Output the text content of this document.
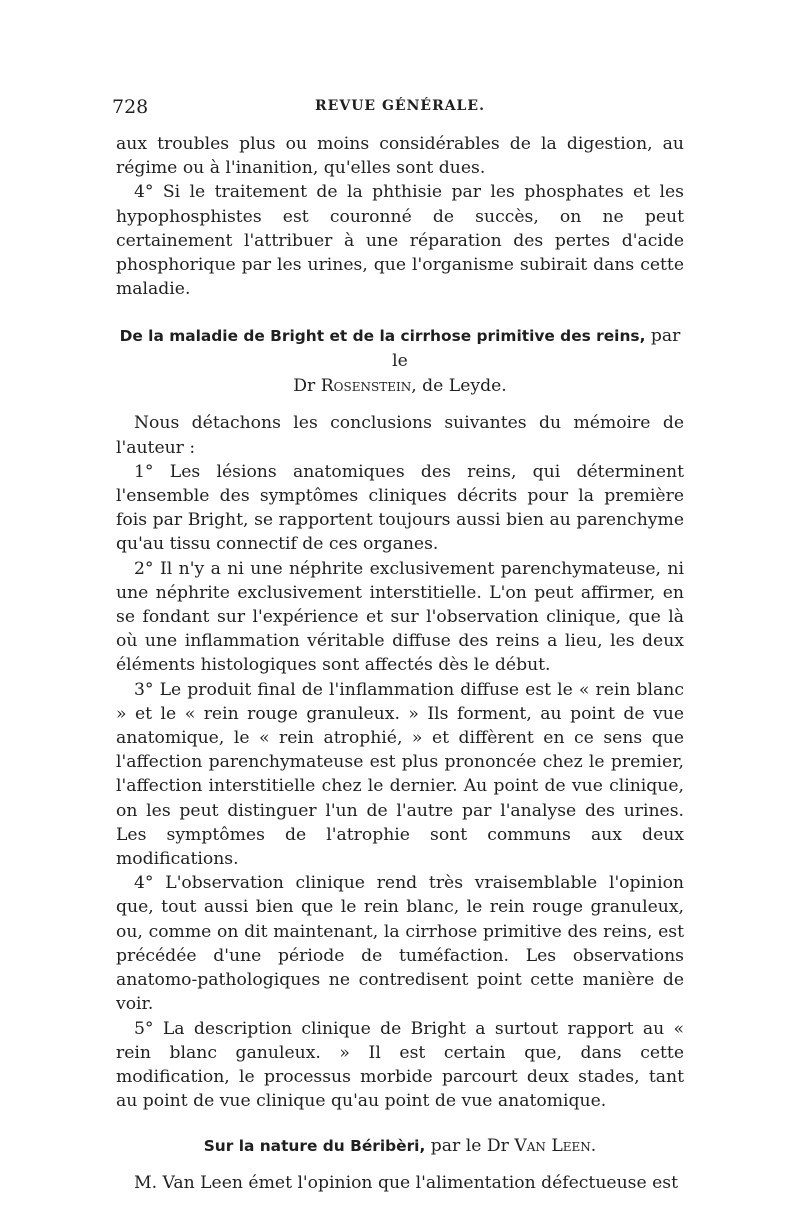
728	REVUE GÉNÉRALE.

aux troubles plus ou moins considérables de la digestion, au régime ou à l'inanition, qu'elles sont dues.

4° Si le traitement de la phthisie par les phosphates et les hypophosphistes est couronné de succès, on ne peut certainement l'attribuer à une réparation des pertes d'acide phosphorique par les urines, que l'organisme subirait dans cette maladie.

De la maladie de Bright et de la cirrhose primitive des reins, par le
Dr Rosenstein, de Leyde.

Nous détachons les conclusions suivantes du mémoire de l'auteur :

1° Les lésions anatomiques des reins, qui déterminent l'ensemble des symptômes cliniques décrits pour la première fois par Bright, se rapportent toujours aussi bien au parenchyme qu'au tissu connectif de ces organes.

2° Il n'y a ni une néphrite exclusivement parenchymateuse, ni une néphrite exclusivement interstitielle. L'on peut affirmer, en se fondant sur l'expérience et sur l'observation clinique, que là où une inflammation véritable diffuse des reins a lieu, les deux éléments histologiques sont affectés dès le début.

3° Le produit final de l'inflammation diffuse est le « rein blanc » et le « rein rouge granuleux. » Ils forment, au point de vue anatomique, le « rein atrophié, » et diffèrent en ce sens que l'affection parenchymateuse est plus prononcée chez le premier, l'affection interstitielle chez le dernier. Au point de vue clinique, on les peut distinguer l'un de l'autre par l'analyse des urines. Les symptômes de l'atrophie sont communs aux deux modifications.

4° L'observation clinique rend très vraisemblable l'opinion que, tout aussi bien que le rein blanc, le rein rouge granuleux, ou, comme on dit maintenant, la cirrhose primitive des reins, est précédée d'une période de tuméfaction. Les observations anatomo-pathologiques ne contredisent point cette manière de voir.

5° La description clinique de Bright a surtout rapport au « rein blanc ganuleux. » Il est certain que, dans cette modification, le processus morbide parcourt deux stades, tant au point de vue clinique qu'au point de vue anatomique.

Sur la nature du Béribèri, par le Dr Van Leen.

M. Van Leen émet l'opinion que l'alimentation défectueuse est
